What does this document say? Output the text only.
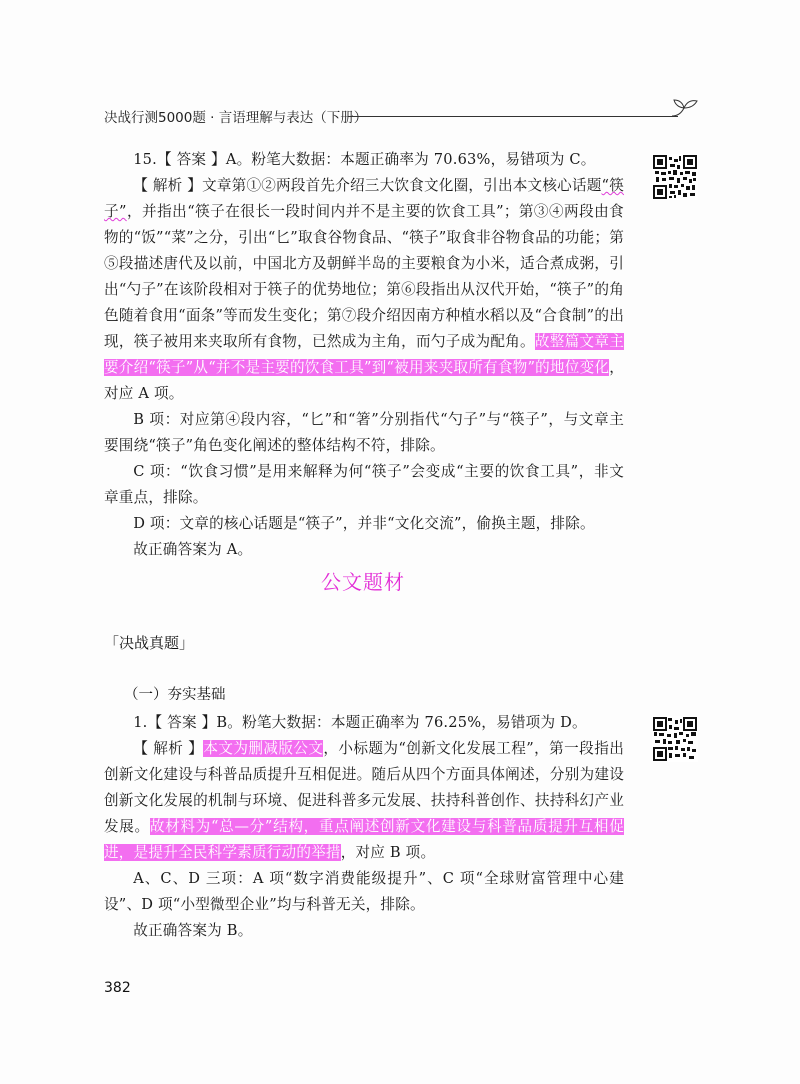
决战行测5000题 · 言语理解与表达（下册）

15.【 答案 】A。粉笔大数据：本题正确率为 70.63%，易错项为 C。

【 解析 】文章第①②两段首先介绍三大饮食文化圈，引出本文核心话题“筷子”，并指出“筷子在很长一段时间内并不是主要的饮食工具”；第③④两段由食物的“饭”“菜”之分，引出“匕”取食谷物食品、“筷子”取食非谷物食品的功能；第⑤段描述唐代及以前，中国北方及朝鲜半岛的主要粮食为小米，适合煮成粥，引出“勺子”在该阶段相对于筷子的优势地位；第⑥段指出从汉代开始，“筷子”的角色随着食用“面条”等而发生变化；第⑦段介绍因南方种植水稻以及“合食制”的出现，筷子被用来夹取所有食物，已然成为主角，而勺子成为配角。故整篇文章主要介绍“筷子”从“并不是主要的饮食工具”到“被用来夹取所有食物”的地位变化，对应 A 项。

B 项：对应第④段内容，“匕”和“箸”分别指代“勺子”与“筷子”，与文章主要围绕“筷子”角色变化阐述的整体结构不符，排除。

C 项：“饮食习惯”是用来解释为何“筷子”会变成“主要的饮食工具”，非文章重点，排除。

D 项：文章的核心话题是“筷子”，并非“文化交流”，偷换主题，排除。

故正确答案为 A。

公文题材
「决战真题」
（一）夯实基础

1.【 答案 】B。粉笔大数据：本题正确率为 76.25%，易错项为 D。

【 解析 】本文为删减版公文，小标题为“创新文化发展工程”，第一段指出创新文化建设与科普品质提升互相促进。随后从四个方面具体阐述，分别为建设创新文化发展的机制与环境、促进科普多元发展、扶持科普创作、扶持科幻产业发展。故材料为“总—分”结构，重点阐述创新文化建设与科普品质提升互相促进，是提升全民科学素质行动的举措，对应 B 项。

A、C、D 三项：A 项“数字消费能级提升”、C 项“全球财富管理中心建设”、D 项“小型微型企业”均与科普无关，排除。

故正确答案为 B。

382
